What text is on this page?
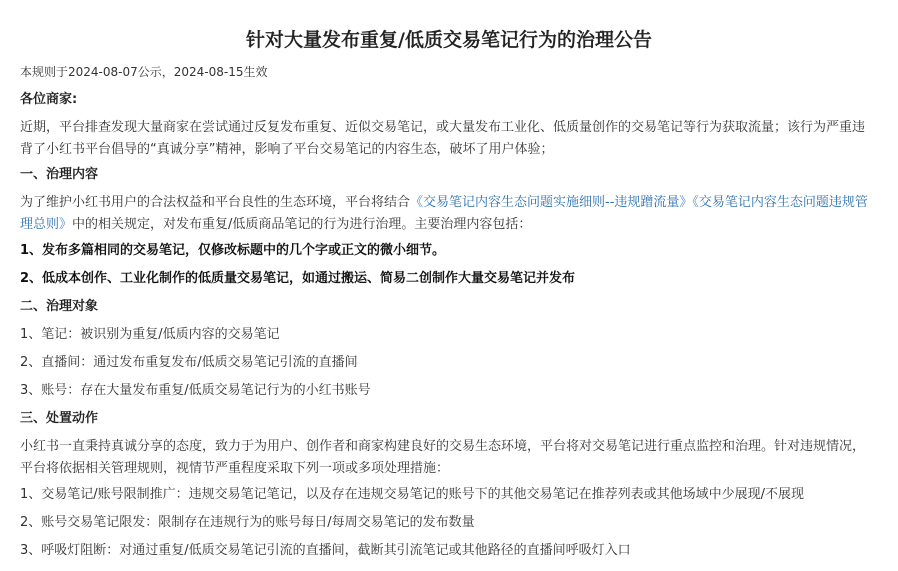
针对大量发布重复/低质交易笔记行为的治理公告
本规则于2024-08-07公示，2024-08-15生效
各位商家:
近期，平台排查发现大量商家在尝试通过反复发布重复、近似交易笔记，或大量发布工业化、低质量创作的交易笔记等行为获取流量；该行为严重违背了小红书平台倡导的“真诚分享”精神，影响了平台交易笔记的内容生态，破坏了用户体验；
一、治理内容
为了维护小红书用户的合法权益和平台良性的生态环境，平台将结合《交易笔记内容生态问题实施细则--违规蹭流量》《交易笔记内容生态问题违规管理总则》中的相关规定，对发布重复/低质商品笔记的行为进行治理。主要治理内容包括：
1、发布多篇相同的交易笔记，仅修改标题中的几个字或正文的微小细节。
2、低成本创作、工业化制作的低质量交易笔记，如通过搬运、简易二创制作大量交易笔记并发布
二、治理对象
1、笔记：被识别为重复/低质内容的交易笔记
2、直播间：通过发布重复发布/低质交易笔记引流的直播间
3、账号：存在大量发布重复/低质交易笔记行为的小红书账号
三、处置动作
小红书一直秉持真诚分享的态度，致力于为用户、创作者和商家构建良好的交易生态环境，平台将对交易笔记进行重点监控和治理。针对违规情况，平台将依据相关管理规则，视情节严重程度采取下列一项或多项处理措施：
1、交易笔记/账号限制推广：违规交易笔记笔记，以及存在违规交易笔记的账号下的其他交易笔记在推荐列表或其他场域中少展现/不展现
2、账号交易笔记限发：限制存在违规行为的账号每日/每周交易笔记的发布数量
3、呼吸灯阻断：对通过重复/低质交易笔记引流的直播间，截断其引流笔记或其他路径的直播间呼吸灯入口
